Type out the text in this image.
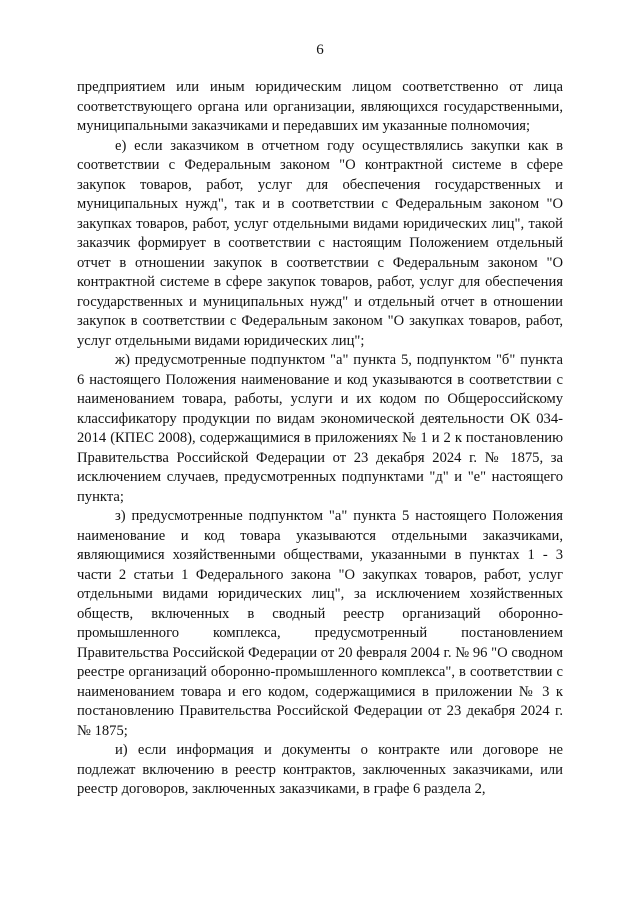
6

предприятием или иным юридическим лицом соответственно от лица соответствующего органа или организации, являющихся государственными, муниципальными заказчиками и передавших им указанные полномочия;

е) если заказчиком в отчетном году осуществлялись закупки как в соответствии с Федеральным законом "О контрактной системе в сфере закупок товаров, работ, услуг для обеспечения государственных и муниципальных нужд", так и в соответствии с Федеральным законом "О закупках товаров, работ, услуг отдельными видами юридических лиц", такой заказчик формирует в соответствии с настоящим Положением отдельный отчет в отношении закупок в соответствии с Федеральным законом "О контрактной системе в сфере закупок товаров, работ, услуг для обеспечения государственных и муниципальных нужд" и отдельный отчет в отношении закупок в соответствии с Федеральным законом "О закупках товаров, работ, услуг отдельными видами юридических лиц";

ж) предусмотренные подпунктом "а" пункта 5, подпунктом "б" пункта 6 настоящего Положения наименование и код указываются в соответствии с наименованием товара, работы, услуги и их кодом по Общероссийскому классификатору продукции по видам экономической деятельности ОК 034-2014 (КПЕС 2008), содержащимися в приложениях № 1 и 2 к постановлению Правительства Российской Федерации от 23 декабря 2024 г. № 1875, за исключением случаев, предусмотренных подпунктами "д" и "е" настоящего пункта;

з) предусмотренные подпунктом "а" пункта 5 настоящего Положения наименование и код товара указываются отдельными заказчиками, являющимися хозяйственными обществами, указанными в пунктах 1 - 3 части 2 статьи 1 Федерального закона "О закупках товаров, работ, услуг отдельными видами юридических лиц", за исключением хозяйственных обществ, включенных в сводный реестр организаций оборонно-промышленного комплекса, предусмотренный постановлением Правительства Российской Федерации от 20 февраля 2004 г. № 96 "О сводном реестре организаций оборонно-промышленного комплекса", в соответствии с наименованием товара и его кодом, содержащимися в приложении № 3 к постановлению Правительства Российской Федерации от 23 декабря 2024 г. № 1875;

и) если информация и документы о контракте или договоре не подлежат включению в реестр контрактов, заключенных заказчиками, или реестр договоров, заключенных заказчиками, в графе 6 раздела 2,
